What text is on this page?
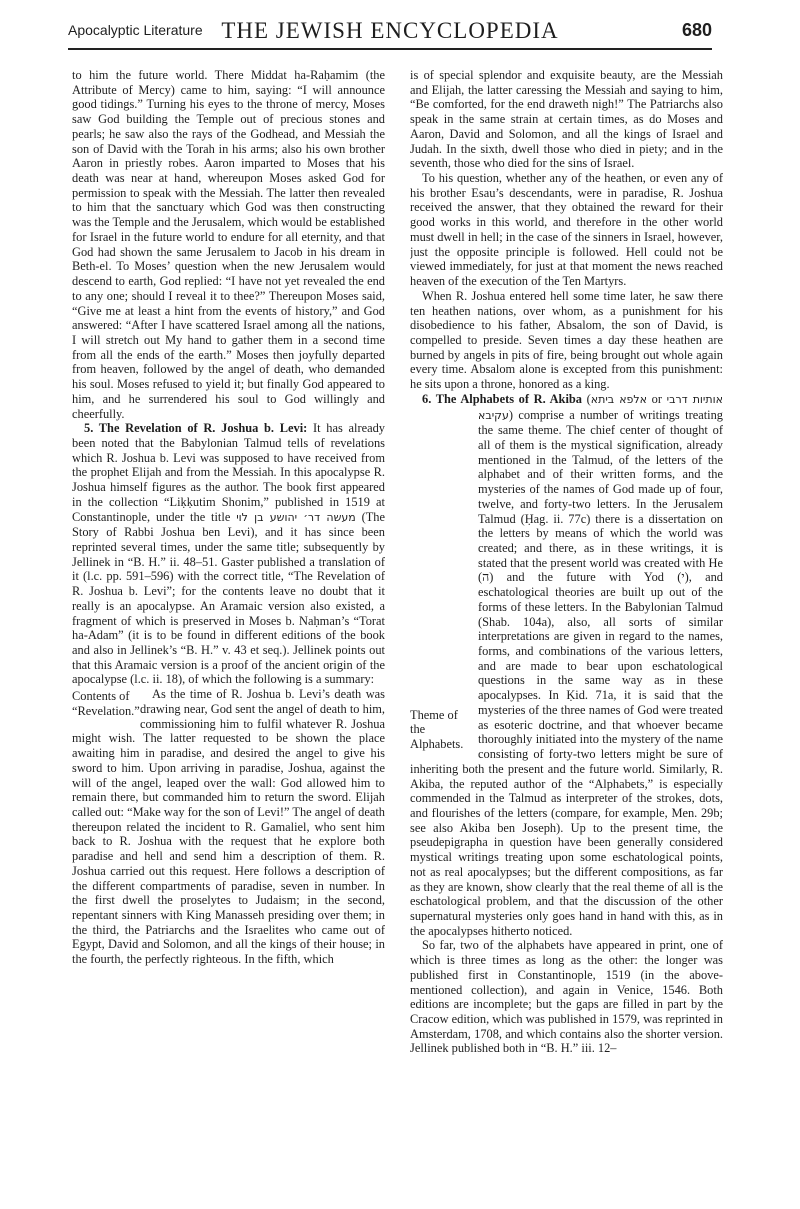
Apocalyptic Literature THE JEWISH ENCYCLOPEDIA	680

to him the future world. There Middat ha-Raḥamim (the Attribute of Mercy) came to him, saying: “I will announce good tidings.” Turning his eyes to the throne of mercy, Moses saw God building the Temple out of precious stones and pearls; he saw also the rays of the Godhead, and Messiah the son of David with the Torah in his arms; also his own brother Aaron in priestly robes. Aaron imparted to Moses that his death was near at hand, whereupon Moses asked God for permission to speak with the Messiah. The latter then revealed to him that the sanctuary which God was then constructing was the Temple and the Jerusalem, which would be established for Israel in the future world to endure for all eternity, and that God had shown the same Jerusalem to Jacob in his dream in Beth-el. To Moses’ question when the new Jerusalem would descend to earth, God replied: “I have not yet revealed the end to any one; should I reveal it to thee?” Thereupon Moses said, “Give me at least a hint from the events of history,” and God answered: “After I have scattered Israel among all the nations, I will stretch out My hand to gather them in a second time from all the ends of the earth.” Moses then joyfully departed from heaven, followed by the angel of death, who demanded his soul. Moses refused to yield it; but finally God appeared to him, and he surrendered his soul to God willingly and cheerfully.

5. The Revelation of R. Joshua b. Levi: It has already been noted that the Babylonian Talmud tells of revelations which R. Joshua b. Levi was supposed to have received from the prophet Elijah and from the Messiah. In this apocalypse R. Joshua himself figures as the author. The book first appeared in the collection “Liḳḳutim Shonim,” published in 1519 at Constantinople, under the title מעשה דר׳ יהושע בן לוי (The Story of Rabbi Joshua ben Levi), and it has since been reprinted several times, under the same title; subsequently by Jellinek in “B. H.” ii. 48–51. Gaster published a translation of it (l.c. pp. 591–596) with the correct title, “The Revelation of R. Joshua b. Levi”; for the contents leave no doubt that it really is an apocalypse. An Aramaic version also existed, a fragment of which is preserved in Moses b. Naḥman’s “Torat ha-Adam” (it is to be found in different editions of the book and also in Jellinek’s “B. H.” v. 43 et seq.). Jellinek points out that this Aramaic version is a proof of the ancient origin of the apocalypse (l.c. ii. 18), of which the following is a summary:

Contents of “Revelation.”
As the time of R. Joshua b. Levi’s death was drawing near, God sent the angel of death to him, commissioning him to fulfil whatever R. Joshua might wish. The latter requested to be shown the place awaiting him in paradise, and desired the angel to give his sword to him. Upon arriving in paradise, Joshua, against the will of the angel, leaped over the wall: God allowed him to remain there, but commanded him to return the sword. Elijah called out: “Make way for the son of Levi!” The angel of death thereupon related the incident to R. Gamaliel, who sent him back to R. Joshua with the request that he explore both paradise and hell and send him a description of them. R. Joshua carried out this request. Here follows a description of the different compartments of paradise, seven in number. In the first dwell the proselytes to Judaism; in the second, repentant sinners with King Manasseh presiding over them; in the third, the Patriarchs and the Israelites who came out of Egypt, David and Solomon, and all the kings of their house; in the fourth, the perfectly righteous. In the fifth, which

is of special splendor and exquisite beauty, are the Messiah and Elijah, the latter caressing the Messiah and saying to him, “Be comforted, for the end draweth nigh!” The Patriarchs also speak in the same strain at certain times, as do Moses and Aaron, David and Solomon, and all the kings of Israel and Judah. In the sixth, dwell those who died in piety; and in the seventh, those who died for the sins of Israel.

To his question, whether any of the heathen, or even any of his brother Esau’s descendants, were in paradise, R. Joshua received the answer, that they obtained the reward for their good works in this world, and therefore in the other world must dwell in hell; in the case of the sinners in Israel, however, just the opposite principle is followed. Hell could not be viewed immediately, for just at that moment the news reached heaven of the execution of the Ten Martyrs.

When R. Joshua entered hell some time later, he saw there ten heathen nations, over whom, as a punishment for his disobedience to his father, Absalom, the son of David, is compelled to preside. Seven times a day these heathen are burned by angels in pits of fire, being brought out whole again every time. Absalom alone is excepted from this punishment: he sits upon a throne, honored as a king.

6. The Alphabets of R. Akiba (אלפא ביתא or אותיות דרבי עקיבא)
Theme of the Alphabets.
comprise a number of writings treating the same theme. The chief center of thought of all of them is the mystical signification, already mentioned in the Talmud, of the letters of the alphabet and of their written forms, and the mysteries of the names of God made up of four, twelve, and forty-two letters. In the Jerusalem Talmud (Ḥag. ii. 77c) there is a dissertation on the letters by means of which the world was created; and there, as in these writings, it is stated that the present world was created with He (ה) and the future with Yod (י), and eschatological theories are built up out of the forms of these letters. In the Babylonian Talmud (Shab. 104a), also, all sorts of similar interpretations are given in regard to the names, forms, and combinations of the various letters, and are made to bear upon eschatological questions in the same way as in these apocalypses. In Ḳid. 71a, it is said that the mysteries of the three names of God were treated as esoteric doctrine, and that whoever became thoroughly initiated into the mystery of the name consisting of forty-two letters might be sure of inheriting both the present and the future world. Similarly, R. Akiba, the reputed author of the “Alphabets,” is especially commended in the Talmud as interpreter of the strokes, dots, and flourishes of the letters (compare, for example, Men. 29b; see also Akiba ben Joseph). Up to the present time, the pseudepigrapha in question have been generally considered mystical writings treating upon some eschatological points, not as real apocalypses; but the different compositions, as far as they are known, show clearly that the real theme of all is the eschatological problem, and that the discussion of the other supernatural mysteries only goes hand in hand with this, as in the apocalypses hitherto noticed.

So far, two of the alphabets have appeared in print, one of which is three times as long as the other: the longer was published first in Constantinople, 1519 (in the above-mentioned collection), and again in Venice, 1546. Both editions are incomplete; but the gaps are filled in part by the Cracow edition, which was published in 1579, was reprinted in Amsterdam, 1708, and which contains also the shorter version. Jellinek published both in “B. H.” iii. 12–
